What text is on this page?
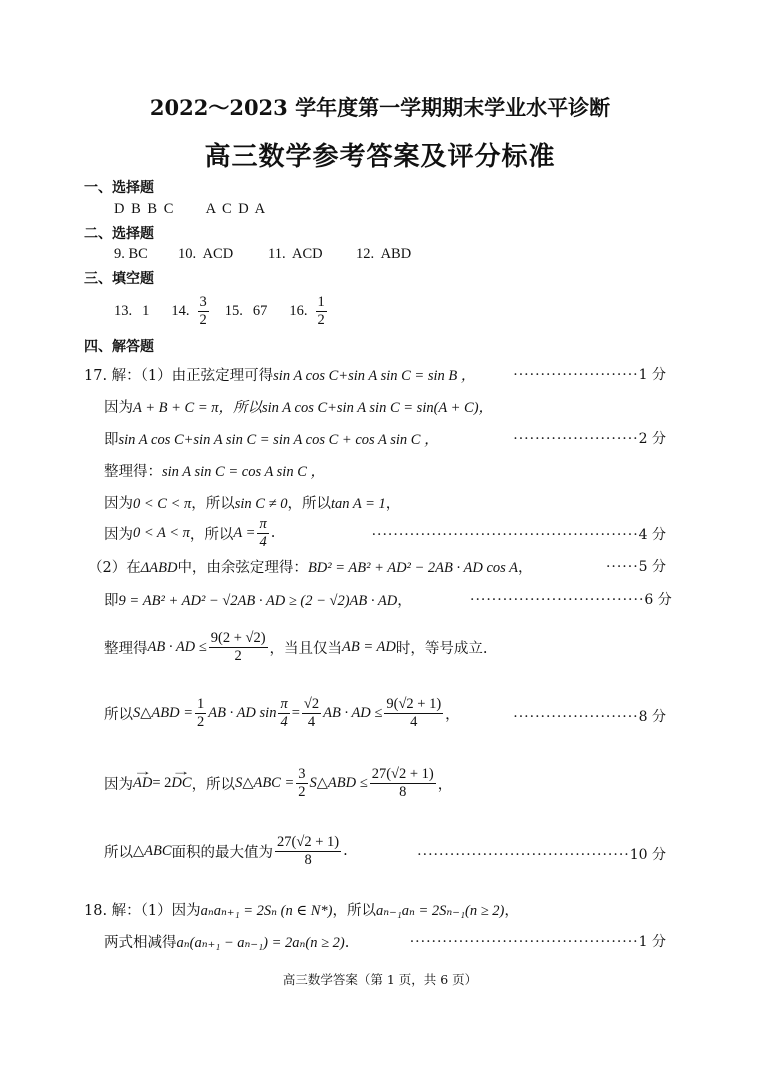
2022～2023 学年度第一学期期末学业水平诊断
高三数学参考答案及评分标准
一、选择题
D B B C     A C D A
二、选择题
9. BC 10.  ACD 11.  ACD 12.  ABD
三、填空题
13. 1 14. $\frac{3}{2} 15$. 67 16. $\frac{1}{2}$
四、解答题
17. 解：（1）由正弦定理可得sin A cos C+sin A sin C = sin B ，	·······················1 分
因为A + B + C = π，所以sin A cos C+sin A sin C = sin(A + C)，
即sin A cos C+sin A sin C = sin A cos C + cos A sin C ，	·······················2 分
整理得：sin A sin C = cos A sin C ，
因为0 < C < π，所以sin C ≠ 0，所以tan A = 1，
因为 0 < A < π ，所以 $A = \frac{\pi}{4}$ .	·················································4 分
（2）在ΔABD中，由余弦定理得：BD² = AB² + AD² − 2AB · AD cos A，	······5 分
即9 = AB² + AD² − √2AB · AD ≥ (2 − √2)AB · AD，	································6 分
整理得 AB · AD ≤ $\frac{9(2 + √2)}{2}$ ，当且仅当 AB = AD 时，等号成立.
所以 S△ABD = $\frac{1}{2}$ AB · AD $\sin \frac{\pi}{4} = \frac{√2}{4}$ AB · AD ≤ $\frac{9(√2 + 1)}{4}$ ，	·······················8 分
因为 → AD = 2 → DC ，所以 S△ABC = $\frac{3}{2}$ S△ABD ≤ $\frac{27(√2 + 1)}{8}$ ，
所以 △ABC 面积的最大值为 $\frac{27(√2 + 1)}{8}$ .	·······································10 分
18. 解：（1）因为aₙaₙ₊₁ = 2Sₙ (n ∈ N*)，所以aₙ₋₁aₙ = 2Sₙ₋₁(n ≥ 2)，
两式相减得aₙ(aₙ₊₁ − aₙ₋₁) = 2aₙ(n ≥ 2).	··········································1 分
高三数学答案（第 1 页，共 6 页）
